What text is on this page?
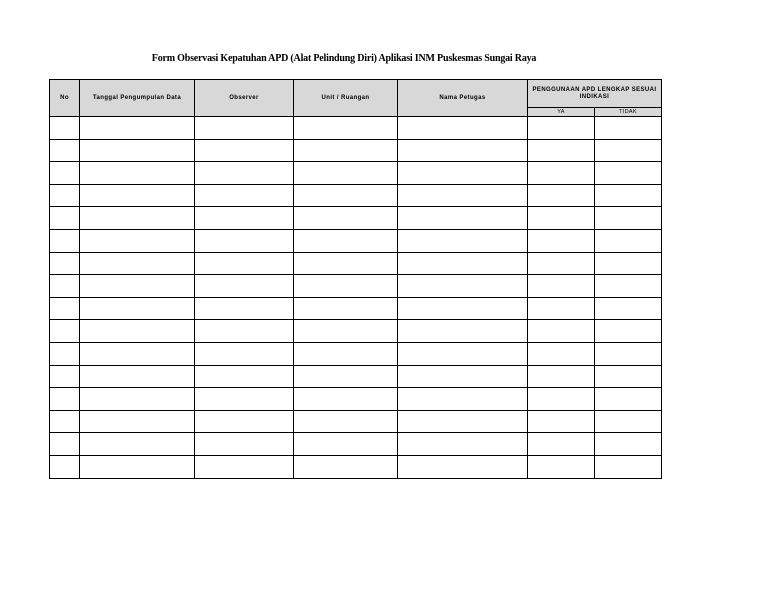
Form Observasi Kepatuhan APD (Alat Pelindung Diri) Aplikasi INM Puskesmas Sungai Raya
No	Tanggal Pengumpulan Data	Observer	Unit / Ruangan	Nama Petugas	PENGGUNAAN APD LENGKAP SESUAI INDIKASI	
					YA	TIDAK
